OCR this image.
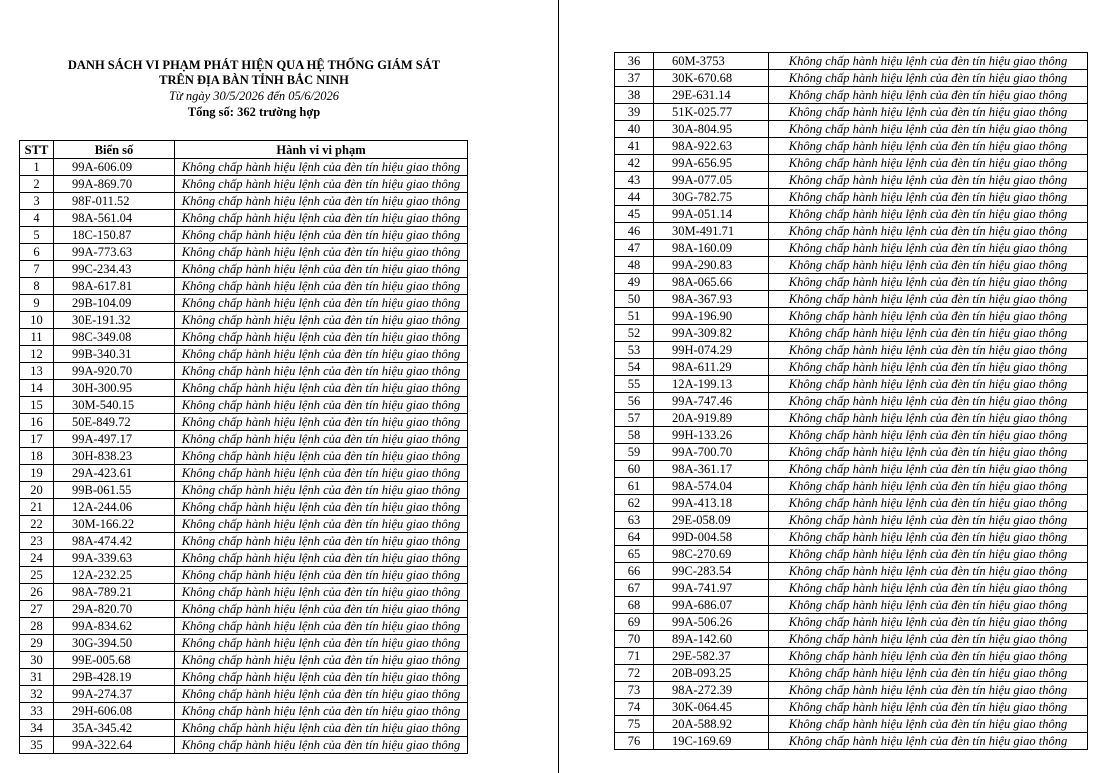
DANH SÁCH VI PHẠM PHÁT HIỆN QUA HỆ THỐNG GIÁM SÁT
TRÊN ĐỊA BÀN TỈNH BẮC NINH
Từ ngày 30/5/2026 đến 05/6/2026
Tổng số: 362 trường hợp
STT	Biển số	Hành vi vi phạm
1	99A-606.09	Không chấp hành hiệu lệnh của đèn tín hiệu giao thông
2	99A-869.70	Không chấp hành hiệu lệnh của đèn tín hiệu giao thông
3	98F-011.52	Không chấp hành hiệu lệnh của đèn tín hiệu giao thông
4	98A-561.04	Không chấp hành hiệu lệnh của đèn tín hiệu giao thông
5	18C-150.87	Không chấp hành hiệu lệnh của đèn tín hiệu giao thông
6	99A-773.63	Không chấp hành hiệu lệnh của đèn tín hiệu giao thông
7	99C-234.43	Không chấp hành hiệu lệnh của đèn tín hiệu giao thông
8	98A-617.81	Không chấp hành hiệu lệnh của đèn tín hiệu giao thông
9	29B-104.09	Không chấp hành hiệu lệnh của đèn tín hiệu giao thông
10	30E-191.32	Không chấp hành hiệu lệnh của đèn tín hiệu giao thông
11	98C-349.08	Không chấp hành hiệu lệnh của đèn tín hiệu giao thông
12	99B-340.31	Không chấp hành hiệu lệnh của đèn tín hiệu giao thông
13	99A-920.70	Không chấp hành hiệu lệnh của đèn tín hiệu giao thông
14	30H-300.95	Không chấp hành hiệu lệnh của đèn tín hiệu giao thông
15	30M-540.15	Không chấp hành hiệu lệnh của đèn tín hiệu giao thông
16	50E-849.72	Không chấp hành hiệu lệnh của đèn tín hiệu giao thông
17	99A-497.17	Không chấp hành hiệu lệnh của đèn tín hiệu giao thông
18	30H-838.23	Không chấp hành hiệu lệnh của đèn tín hiệu giao thông
19	29A-423.61	Không chấp hành hiệu lệnh của đèn tín hiệu giao thông
20	99B-061.55	Không chấp hành hiệu lệnh của đèn tín hiệu giao thông
21	12A-244.06	Không chấp hành hiệu lệnh của đèn tín hiệu giao thông
22	30M-166.22	Không chấp hành hiệu lệnh của đèn tín hiệu giao thông
23	98A-474.42	Không chấp hành hiệu lệnh của đèn tín hiệu giao thông
24	99A-339.63	Không chấp hành hiệu lệnh của đèn tín hiệu giao thông
25	12A-232.25	Không chấp hành hiệu lệnh của đèn tín hiệu giao thông
26	98A-789.21	Không chấp hành hiệu lệnh của đèn tín hiệu giao thông
27	29A-820.70	Không chấp hành hiệu lệnh của đèn tín hiệu giao thông
28	99A-834.62	Không chấp hành hiệu lệnh của đèn tín hiệu giao thông
29	30G-394.50	Không chấp hành hiệu lệnh của đèn tín hiệu giao thông
30	99E-005.68	Không chấp hành hiệu lệnh của đèn tín hiệu giao thông
31	29B-428.19	Không chấp hành hiệu lệnh của đèn tín hiệu giao thông
32	99A-274.37	Không chấp hành hiệu lệnh của đèn tín hiệu giao thông
33	29H-606.08	Không chấp hành hiệu lệnh của đèn tín hiệu giao thông
34	35A-345.42	Không chấp hành hiệu lệnh của đèn tín hiệu giao thông
35	99A-322.64	Không chấp hành hiệu lệnh của đèn tín hiệu giao thông
36	60M-3753	Không chấp hành hiệu lệnh của đèn tín hiệu giao thông
37	30K-670.68	Không chấp hành hiệu lệnh của đèn tín hiệu giao thông
38	29E-631.14	Không chấp hành hiệu lệnh của đèn tín hiệu giao thông
39	51K-025.77	Không chấp hành hiệu lệnh của đèn tín hiệu giao thông
40	30A-804.95	Không chấp hành hiệu lệnh của đèn tín hiệu giao thông
41	98A-922.63	Không chấp hành hiệu lệnh của đèn tín hiệu giao thông
42	99A-656.95	Không chấp hành hiệu lệnh của đèn tín hiệu giao thông
43	99A-077.05	Không chấp hành hiệu lệnh của đèn tín hiệu giao thông
44	30G-782.75	Không chấp hành hiệu lệnh của đèn tín hiệu giao thông
45	99A-051.14	Không chấp hành hiệu lệnh của đèn tín hiệu giao thông
46	30M-491.71	Không chấp hành hiệu lệnh của đèn tín hiệu giao thông
47	98A-160.09	Không chấp hành hiệu lệnh của đèn tín hiệu giao thông
48	99A-290.83	Không chấp hành hiệu lệnh của đèn tín hiệu giao thông
49	98A-065.66	Không chấp hành hiệu lệnh của đèn tín hiệu giao thông
50	98A-367.93	Không chấp hành hiệu lệnh của đèn tín hiệu giao thông
51	99A-196.90	Không chấp hành hiệu lệnh của đèn tín hiệu giao thông
52	99A-309.82	Không chấp hành hiệu lệnh của đèn tín hiệu giao thông
53	99H-074.29	Không chấp hành hiệu lệnh của đèn tín hiệu giao thông
54	98A-611.29	Không chấp hành hiệu lệnh của đèn tín hiệu giao thông
55	12A-199.13	Không chấp hành hiệu lệnh của đèn tín hiệu giao thông
56	99A-747.46	Không chấp hành hiệu lệnh của đèn tín hiệu giao thông
57	20A-919.89	Không chấp hành hiệu lệnh của đèn tín hiệu giao thông
58	99H-133.26	Không chấp hành hiệu lệnh của đèn tín hiệu giao thông
59	99A-700.70	Không chấp hành hiệu lệnh của đèn tín hiệu giao thông
60	98A-361.17	Không chấp hành hiệu lệnh của đèn tín hiệu giao thông
61	98A-574.04	Không chấp hành hiệu lệnh của đèn tín hiệu giao thông
62	99A-413.18	Không chấp hành hiệu lệnh của đèn tín hiệu giao thông
63	29E-058.09	Không chấp hành hiệu lệnh của đèn tín hiệu giao thông
64	99D-004.58	Không chấp hành hiệu lệnh của đèn tín hiệu giao thông
65	98C-270.69	Không chấp hành hiệu lệnh của đèn tín hiệu giao thông
66	99C-283.54	Không chấp hành hiệu lệnh của đèn tín hiệu giao thông
67	99A-741.97	Không chấp hành hiệu lệnh của đèn tín hiệu giao thông
68	99A-686.07	Không chấp hành hiệu lệnh của đèn tín hiệu giao thông
69	99A-506.26	Không chấp hành hiệu lệnh của đèn tín hiệu giao thông
70	89A-142.60	Không chấp hành hiệu lệnh của đèn tín hiệu giao thông
71	29E-582.37	Không chấp hành hiệu lệnh của đèn tín hiệu giao thông
72	20B-093.25	Không chấp hành hiệu lệnh của đèn tín hiệu giao thông
73	98A-272.39	Không chấp hành hiệu lệnh của đèn tín hiệu giao thông
74	30K-064.45	Không chấp hành hiệu lệnh của đèn tín hiệu giao thông
75	20A-588.92	Không chấp hành hiệu lệnh của đèn tín hiệu giao thông
76	19C-169.69	Không chấp hành hiệu lệnh của đèn tín hiệu giao thông
